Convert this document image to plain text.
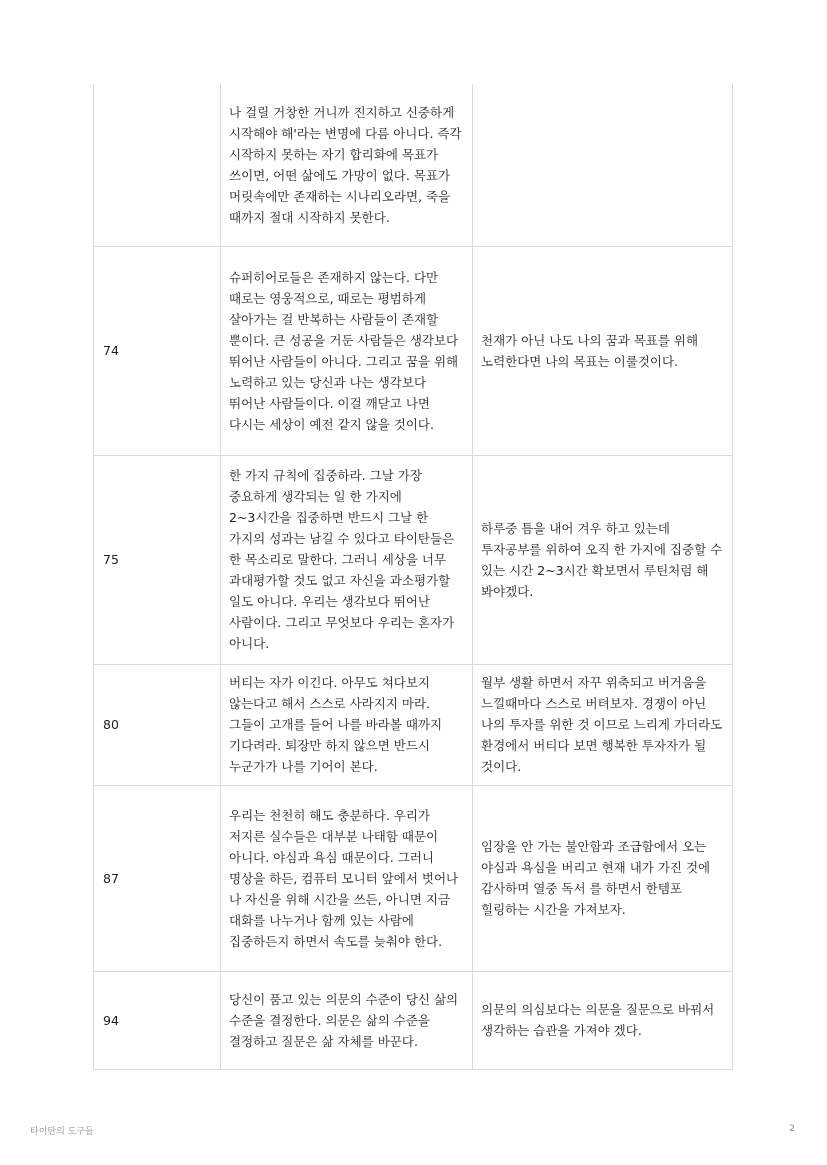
	나 걸릴 거창한 거니까 진지하고 신중하게 시작해야 해'라는 변명에 다름 아니다. 즉각 시작하지 못하는 자기 합리화에 목표가 쓰이면, 어떤 삶에도 가망이 없다. 목표가 머릿속에만 존재하는 시나리오라면, 죽을 때까지 절대 시작하지 못한다.	
74	슈퍼히어로들은 존재하지 않는다. 다만 때로는 영웅적으로, 때로는 평범하게 살아가는 걸 반복하는 사람들이 존재할 뿐이다. 큰 성공을 거둔 사람들은 생각보다 뛰어난 사람들이 아니다. 그리고 꿈을 위해 노력하고 있는 당신과 나는 생각보다 뛰어난 사람들이다. 이걸 깨닫고 나면 다시는 세상이 예전 같지 않을 것이다.	천재가 아닌 나도 나의 꿈과 목표를 위해 노력한다면 나의 목표는 이룰것이다.
75	한 가지 규칙에 집중하라. 그날 가장 중요하게 생각되는 일 한 가지에 2~3시간을 집중하면 반드시 그날 한 가지의 성과는 남길 수 있다고 타이탄들은 한 목소리로 말한다. 그러니 세상을 너무 과대평가할 것도 없고 자신을 과소평가할 일도 아니다. 우리는 생각보다 뛰어난 사람이다. 그리고 무엇보다 우리는 혼자가 아니다.	하루중 틈을 내어 겨우 하고 있는데 투자공부를 위하여 오직 한 가지에 집중할 수 있는 시간 2~3시간 확보면서 루틴처럼 해 봐야겠다.
80	버티는 자가 이긴다. 아무도 쳐다보지 않는다고 해서 스스로 사라지지 마라. 그들이 고개를 들어 나를 바라볼 때까지 기다려라. 퇴장만 하지 않으면 반드시 누군가가 나를 기어이 본다.	월부 생활 하면서 자꾸 위축되고 버거움을 느낄때마다 스스로 버텨보자. 경쟁이 아닌 나의 투자를 위한 것 이므로 느리게 가더라도 환경에서 버티다 보면 행복한 투자자가 될 것이다.
87	우리는 천천히 해도 충분하다. 우리가 저지른 실수들은 대부분 나태함 때문이 아니다. 야심과 욕심 때문이다. 그러니 명상을 하든, 컴퓨터 모니터 앞에서 벗어나 나 자신을 위해 시간을 쓰든, 아니면 지금 대화를 나누거나 함께 있는 사람에 집중하든지 하면서 속도를 늦춰야 한다.	임장을 안 가는 불안함과 조급함에서 오는 야심과 욕심을 버리고 현재 내가 가진 것에 감사하며 열중 독서 를 하면서 한템포 힐링하는 시간을 가져보자.
94	당신이 품고 있는 의문의 수준이 당신 삶의 수준을 결정한다. 의문은 삶의 수준을 결정하고 질문은 삶 자체를 바꾼다.	의문의 의심보다는 의문을 질문으로 바꿔서 생각하는 습관을 가져야 겠다.
타이탄의 도구들	2
